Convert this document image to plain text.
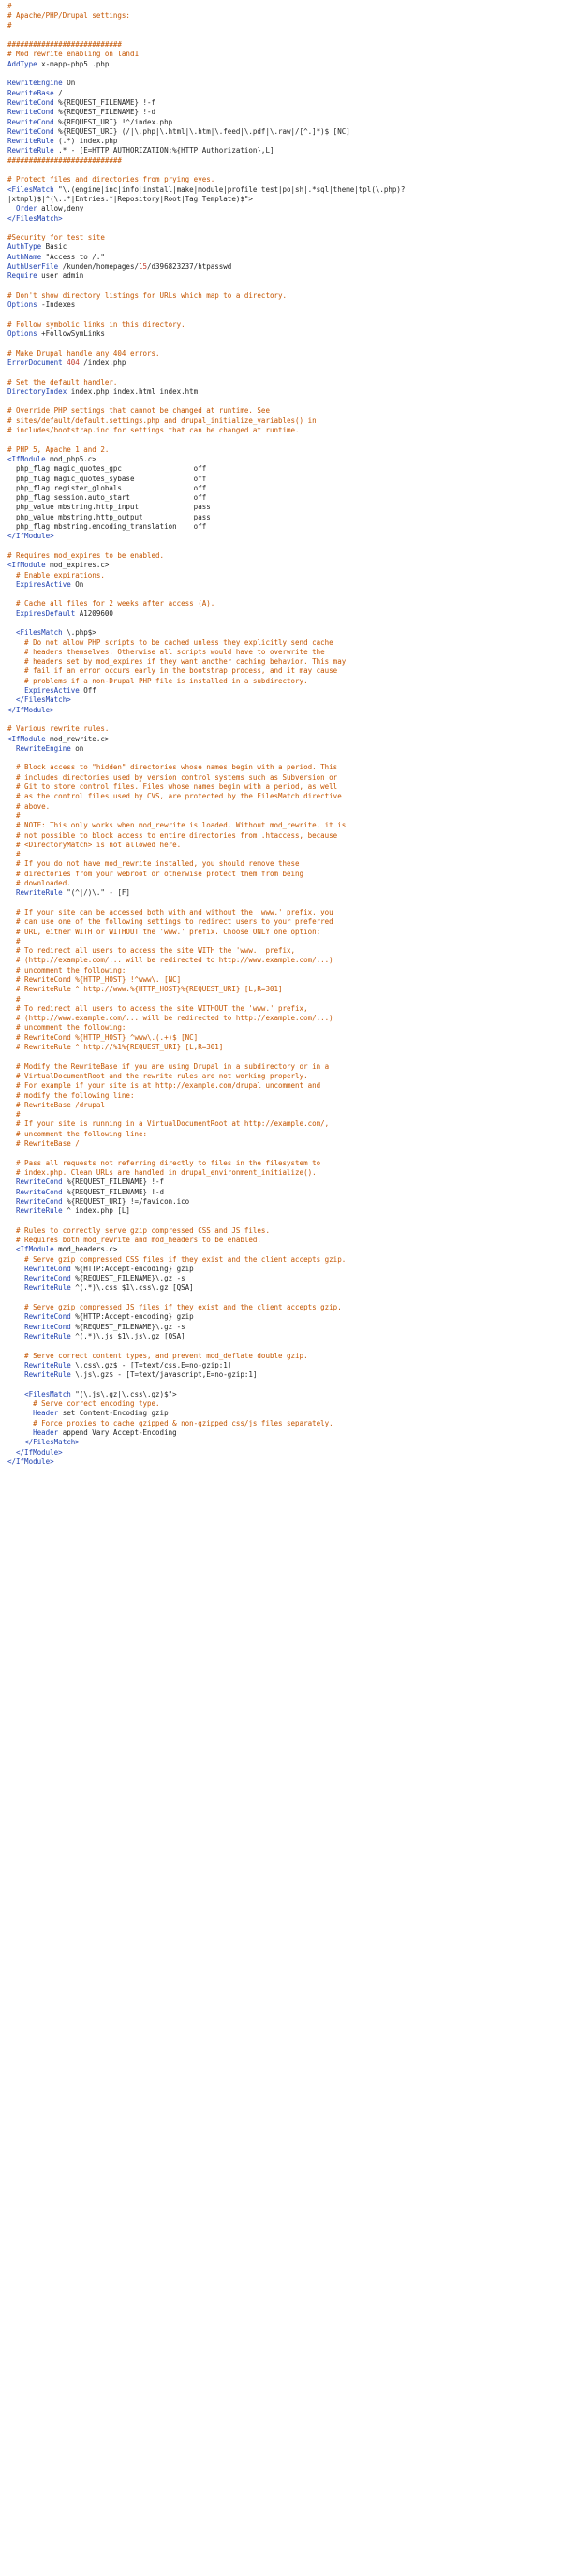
#
# Apache/PHP/Drupal settings:
#
###########################
# Mod rewrite enabling on land1
AddType x-mapp-php5 .php
RewriteEngine On
RewriteBase /
RewriteCond %{REQUEST_FILENAME} !-f
RewriteCond %{REQUEST_FILENAME} !-d
RewriteCond %{REQUEST_URI} !^/index.php
RewriteCond %{REQUEST_URI} (/|\.php|\.html|\.htm|\.feed|\.pdf|\.raw|/[^.]*)$ [NC]
RewriteRule (.*) index.php
RewriteRule .* - [E=HTTP_AUTHORIZATION:%{HTTP:Authorization},L]
###########################
# Protect files and directories from prying eyes.
<FilesMatch "\.(engine|inc|info|install|make|module|profile|test|po|sh|.*sql|theme|tpl(\.php)?
|xtmpl)$|^(\..*|Entries.*|Repository|Root|Tag|Template)$">
Order allow,deny
</FilesMatch>
#Security for test site
AuthType Basic
AuthName "Access to /."
AuthUserFile /kunden/homepages/15/d396823237/htpasswd
Require user admin
# Don't show directory listings for URLs which map to a directory.
Options -Indexes
# Follow symbolic links in this directory.
Options +FollowSymLinks
# Make Drupal handle any 404 errors.
ErrorDocument 404 /index.php
# Set the default handler.
DirectoryIndex index.php index.html index.htm
# Override PHP settings that cannot be changed at runtime. See
# sites/default/default.settings.php and drupal_initialize_variables() in
# includes/bootstrap.inc for settings that can be changed at runtime.
# PHP 5, Apache 1 and 2.
<IfModule mod_php5.c>
php_flag magic_quotes_gpc                 off
php_flag magic_quotes_sybase              off
php_flag register_globals                 off
php_flag session.auto_start               off
php_value mbstring.http_input             pass
php_value mbstring.http_output            pass
php_flag mbstring.encoding_translation    off
</IfModule>
# Requires mod_expires to be enabled.
<IfModule mod_expires.c>
# Enable expirations.
ExpiresActive On
# Cache all files for 2 weeks after access (A).
ExpiresDefault A1209600
<FilesMatch \.php$>
# Do not allow PHP scripts to be cached unless they explicitly send cache
# headers themselves. Otherwise all scripts would have to overwrite the
# headers set by mod_expires if they want another caching behavior. This may
# fail if an error occurs early in the bootstrap process, and it may cause
# problems if a non-Drupal PHP file is installed in a subdirectory.
ExpiresActive Off
</FilesMatch>
</IfModule>
# Various rewrite rules.
<IfModule mod_rewrite.c>
RewriteEngine on
# Block access to "hidden" directories whose names begin with a period. This
# includes directories used by version control systems such as Subversion or
# Git to store control files. Files whose names begin with a period, as well
# as the control files used by CVS, are protected by the FilesMatch directive
# above.
#
# NOTE: This only works when mod_rewrite is loaded. Without mod_rewrite, it is
# not possible to block access to entire directories from .htaccess, because
# <DirectoryMatch> is not allowed here.
#
# If you do not have mod_rewrite installed, you should remove these
# directories from your webroot or otherwise protect them from being
# downloaded.
RewriteRule "(^|/)\." - [F]
# If your site can be accessed both with and without the 'www.' prefix, you
# can use one of the following settings to redirect users to your preferred
# URL, either WITH or WITHOUT the 'www.' prefix. Choose ONLY one option:
#
# To redirect all users to access the site WITH the 'www.' prefix,
# (http://example.com/... will be redirected to http://www.example.com/...)
# uncomment the following:
# RewriteCond %{HTTP_HOST} !^www\. [NC]
# RewriteRule ^ http://www.%{HTTP_HOST}%{REQUEST_URI} [L,R=301]
#
# To redirect all users to access the site WITHOUT the 'www.' prefix,
# (http://www.example.com/... will be redirected to http://example.com/...)
# uncomment the following:
# RewriteCond %{HTTP_HOST} ^www\.(.+)$ [NC]
# RewriteRule ^ http://%1%{REQUEST_URI} [L,R=301]
# Modify the RewriteBase if you are using Drupal in a subdirectory or in a
# VirtualDocumentRoot and the rewrite rules are not working properly.
# For example if your site is at http://example.com/drupal uncomment and
# modify the following line:
# RewriteBase /drupal
#
# If your site is running in a VirtualDocumentRoot at http://example.com/,
# uncomment the following line:
# RewriteBase /
# Pass all requests not referring directly to files in the filesystem to
# index.php. Clean URLs are handled in drupal_environment_initialize().
RewriteCond %{REQUEST_FILENAME} !-f
RewriteCond %{REQUEST_FILENAME} !-d
RewriteCond %{REQUEST_URI} !=/favicon.ico
RewriteRule ^ index.php [L]
# Rules to correctly serve gzip compressed CSS and JS files.
# Requires both mod_rewrite and mod_headers to be enabled.
<IfModule mod_headers.c>
# Serve gzip compressed CSS files if they exist and the client accepts gzip.
RewriteCond %{HTTP:Accept-encoding} gzip
RewriteCond %{REQUEST_FILENAME}\.gz -s
RewriteRule ^(.*)\.css $1\.css\.gz [QSA]
# Serve gzip compressed JS files if they exist and the client accepts gzip.
RewriteCond %{HTTP:Accept-encoding} gzip
RewriteCond %{REQUEST_FILENAME}\.gz -s
RewriteRule ^(.*)\.js $1\.js\.gz [QSA]
# Serve correct content types, and prevent mod_deflate double gzip.
RewriteRule \.css\.gz$ - [T=text/css,E=no-gzip:1]
RewriteRule \.js\.gz$ - [T=text/javascript,E=no-gzip:1]
<FilesMatch "(\.js\.gz|\.css\.gz)$">
# Serve correct encoding type.
Header set Content-Encoding gzip
# Force proxies to cache gzipped & non-gzipped css/js files separately.
Header append Vary Accept-Encoding
</FilesMatch>
</IfModule>
</IfModule>
